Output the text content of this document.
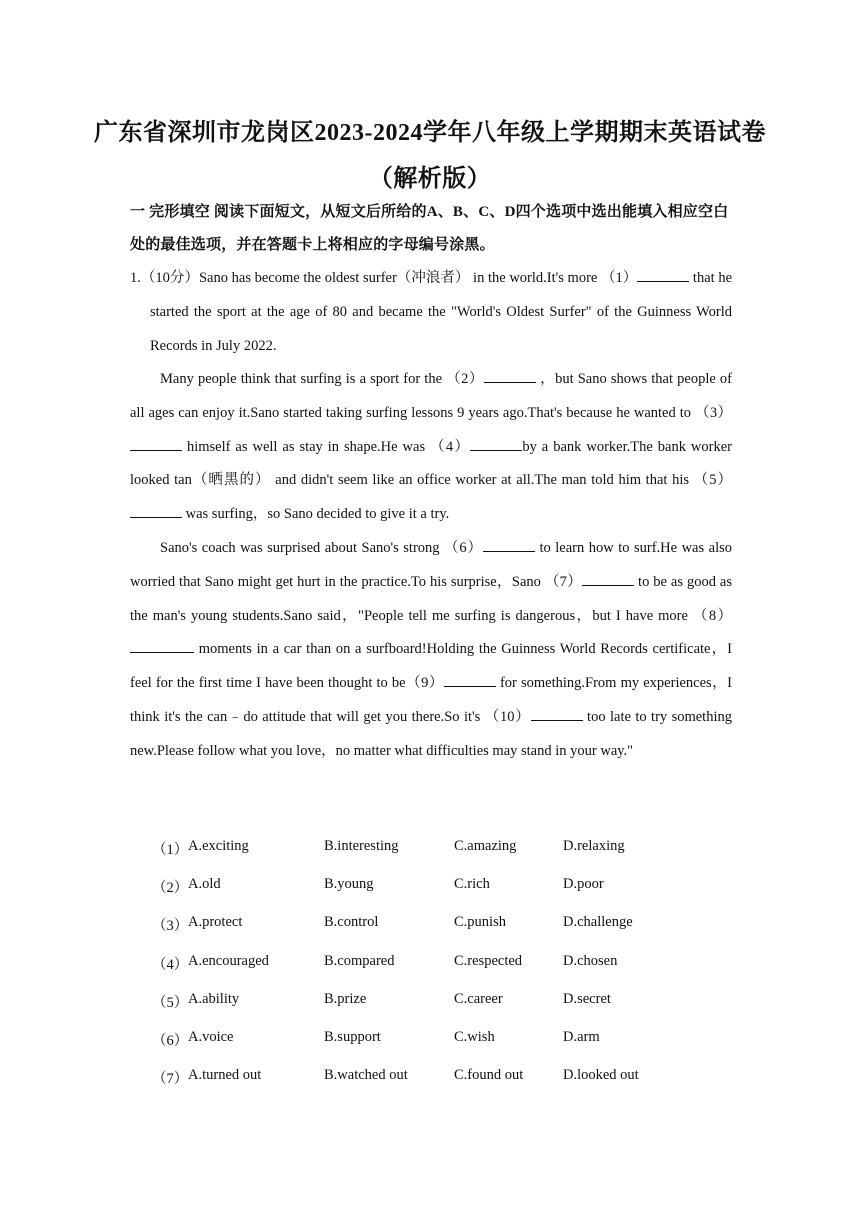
广东省深圳市龙岗区2023-2024学年八年级上学期期末英语试卷
（解析版）
一 完形填空 阅读下面短文，从短文后所给的A、B、C、D四个选项中选出能填入相应空白处的最佳选项，并在答题卡上将相应的字母编号涂黑。
1.（10分）Sano has become the oldest surfer（冲浪者） in the world.It's more （1）	that he started the sport at the age of 80 and became the "World's Oldest Surfer" of the Guinness World Records in July 2022.
Many people think that surfing is a sport for the （2）	，but Sano shows that people of all ages can enjoy it.Sano started taking surfing lessons 9 years ago.That's because he wanted to （3） himself as well as stay in shape.He was （4）	by a bank worker.The bank worker looked tan（晒黑的） and didn't seem like an office worker at all.The man told him that his （5） was surfing，so Sano decided to give it a try.
Sano's coach was surprised about Sano's strong （6）	to learn how to surf.He was also worried that Sano might get hurt in the practice.To his surprise，Sano （7）	to be as good as the man's young students.Sano said，"People tell me surfing is dangerous，but I have more （8） moments in a car than on a surfboard!Holding the Guinness World Records certificate，I feel for the first time I have been thought to be（9）	for something.From my experiences，I think it's the can﹣do attitude that will get you there.So it's （10）	too late to try something new.Please follow what you love，no matter what difficulties may stand in your way."
（1） A.exciting	B.interesting	C.amazing	D.relaxing
（2） A.old	B.young	C.rich	D.poor
（3） A.protect	B.control	C.punish	D.challenge
（4） A.encouraged	B.compared	C.respected	D.chosen
（5） A.ability	B.prize	C.career	D.secret
（6） A.voice	B.support	C.wish	D.arm
（7） A.turned out	B.watched out	C.found out	D.looked out
